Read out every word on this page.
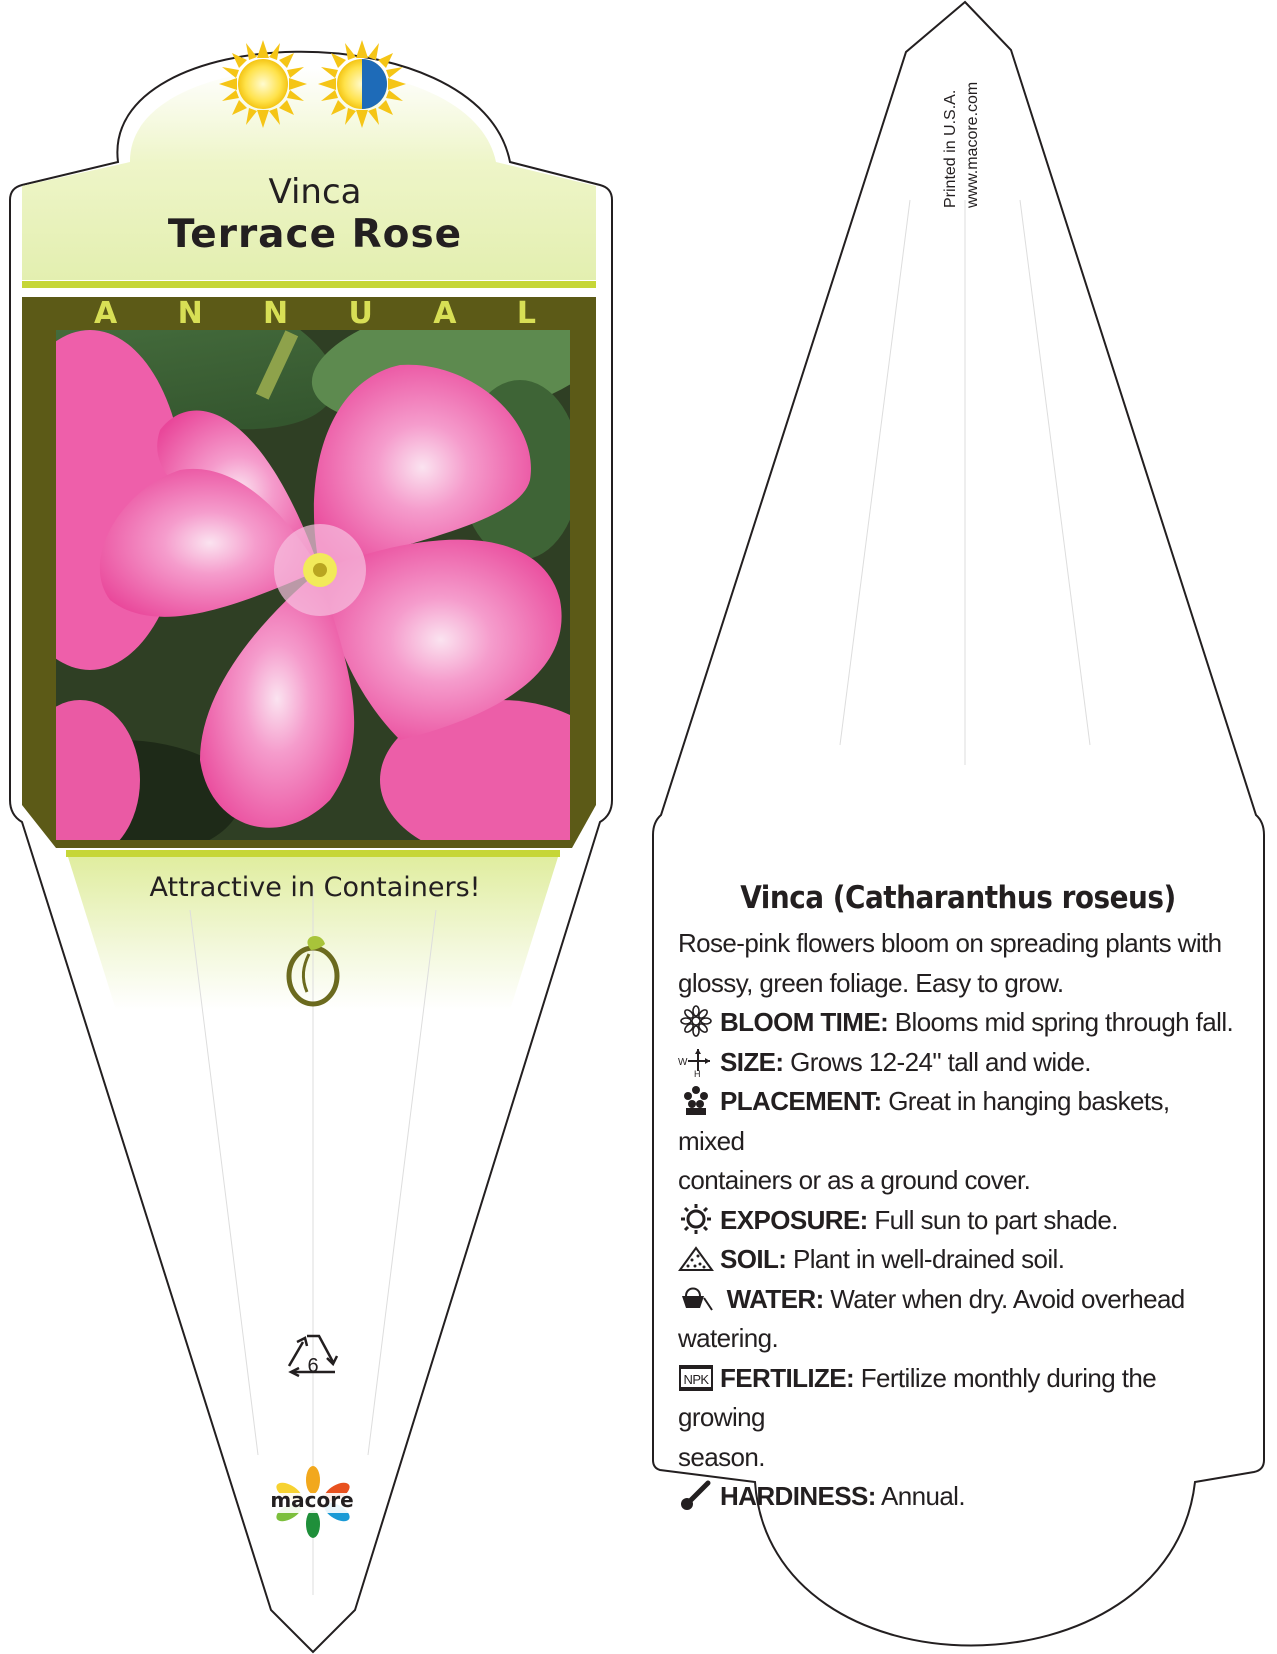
6
Vinca
Terrace Rose
A N N U A L
Attractive in Containers!
macore
Printed in U.S.A. www.macore.com
Vinca (Catharanthus roseus)

Rose-pink flowers bloom on spreading plants with
glossy, green foliage. Easy to grow.
BLOOM TIME: Blooms mid spring through fall.

W
H SIZE: Grows 12-24" tall and wide.
PLACEMENT: Great in hanging baskets, mixed
containers or as a ground cover.
EXPOSURE: Full sun to part shade.
SOIL: Plant in well-drained soil.
WATER: Water when dry. Avoid overhead
watering.

NPK FERTILIZE: Fertilize monthly during the growing
season.
HARDINESS: Annual.
